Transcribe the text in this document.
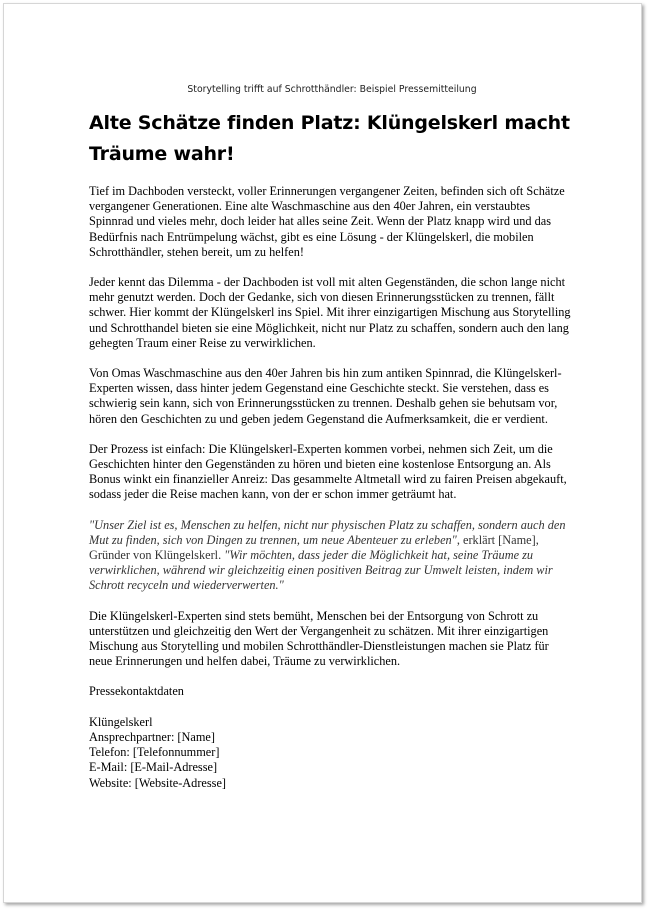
Storytelling trifft auf Schrotthändler: Beispiel Pressemitteilung
Alte Schätze finden Platz: Klüngelskerl macht Träume wahr!

Tief im Dachboden versteckt, voller Erinnerungen vergangener Zeiten, befinden sich oft Schätze vergangener Generationen. Eine alte Waschmaschine aus den 40er Jahren, ein verstaubtes Spinnrad und vieles mehr, doch leider hat alles seine Zeit. Wenn der Platz knapp wird und das Bedürfnis nach Entrümpelung wächst, gibt es eine Lösung - der Klüngelskerl, die mobilen Schrotthändler, stehen bereit, um zu helfen!

Jeder kennt das Dilemma - der Dachboden ist voll mit alten Gegenständen, die schon lange nicht mehr genutzt werden. Doch der Gedanke, sich von diesen Erinnerungsstücken zu trennen, fällt schwer. Hier kommt der Klüngelskerl ins Spiel. Mit ihrer einzigartigen Mischung aus Storytelling und Schrotthandel bieten sie eine Möglichkeit, nicht nur Platz zu schaffen, sondern auch den lang gehegten Traum einer Reise zu verwirklichen.

Von Omas Waschmaschine aus den 40er Jahren bis hin zum antiken Spinnrad, die Klüngelskerl-Experten wissen, dass hinter jedem Gegenstand eine Geschichte steckt. Sie verstehen, dass es schwierig sein kann, sich von Erinnerungsstücken zu trennen. Deshalb gehen sie behutsam vor, hören den Geschichten zu und geben jedem Gegenstand die Aufmerksamkeit, die er verdient.

Der Prozess ist einfach: Die Klüngelskerl-Experten kommen vorbei, nehmen sich Zeit, um die Geschichten hinter den Gegenständen zu hören und bieten eine kostenlose Entsorgung an. Als Bonus winkt ein finanzieller Anreiz: Das gesammelte Altmetall wird zu fairen Preisen abgekauft, sodass jeder die Reise machen kann, von der er schon immer geträumt hat.

"Unser Ziel ist es, Menschen zu helfen, nicht nur physischen Platz zu schaffen, sondern auch den Mut zu finden, sich von Dingen zu trennen, um neue Abenteuer zu erleben", erklärt [Name], Gründer von Klüngelskerl. "Wir möchten, dass jeder die Möglichkeit hat, seine Träume zu verwirklichen, während wir gleichzeitig einen positiven Beitrag zur Umwelt leisten, indem wir Schrott recyceln und wiederverwerten."

Die Klüngelskerl-Experten sind stets bemüht, Menschen bei der Entsorgung von Schrott zu unterstützen und gleichzeitig den Wert der Vergangenheit zu schätzen. Mit ihrer einzigartigen Mischung aus Storytelling und mobilen Schrotthändler-Dienstleistungen machen sie Platz für neue Erinnerungen und helfen dabei, Träume zu verwirklichen.

Pressekontaktdaten
Klüngelskerl
Ansprechpartner: [Name]
Telefon: [Telefonnummer]
E-Mail: [E-Mail-Adresse]
Website: [Website-Adresse]
